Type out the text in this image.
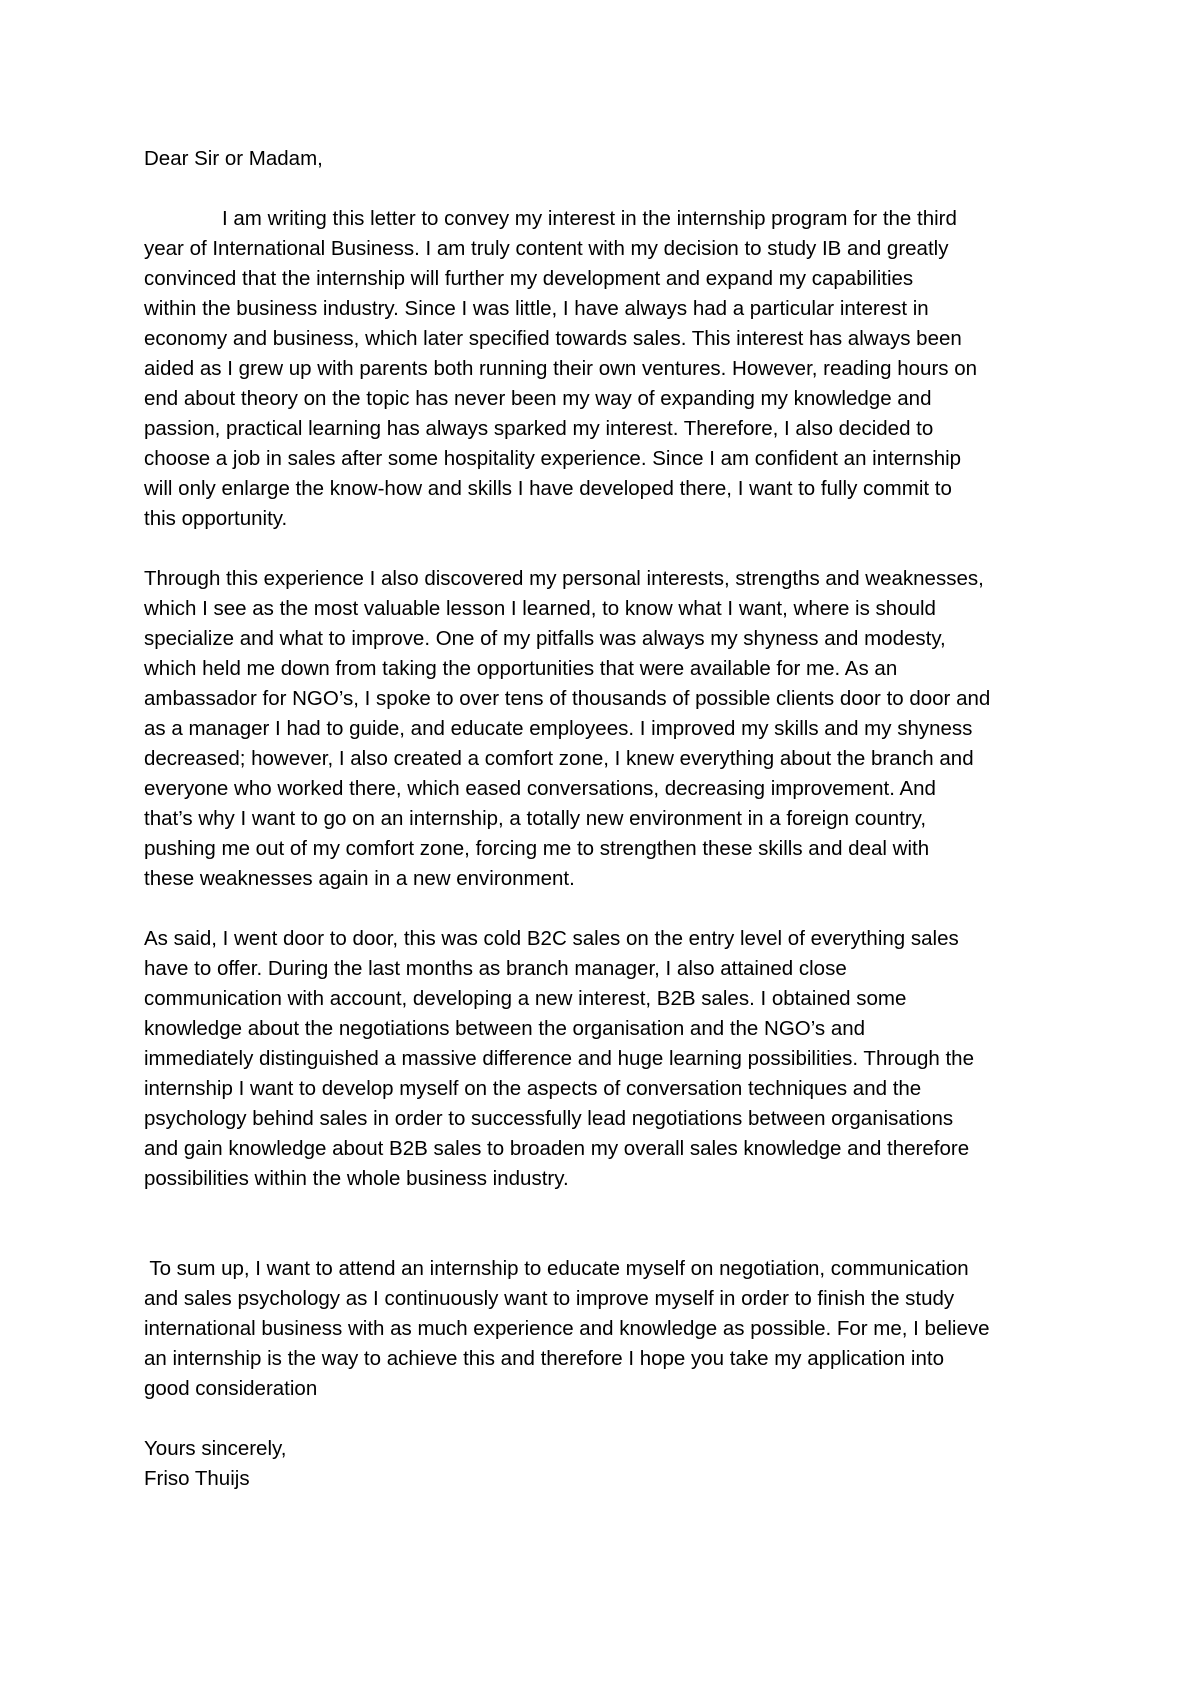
Dear Sir or Madam,
I am writing this letter to convey my interest in the internship program for the third
year of International Business. I am truly content with my decision to study IB and greatly
convinced that the internship will further my development and expand my capabilities
within the business industry. Since I was little, I have always had a particular interest in
economy and business, which later specified towards sales. This interest has always been
aided as I grew up with parents both running their own ventures. However, reading hours on
end about theory on the topic has never been my way of expanding my knowledge and
passion, practical learning has always sparked my interest. Therefore, I also decided to
choose a job in sales after some hospitality experience. Since I am confident an internship
will only enlarge the know-how and skills I have developed there, I want to fully commit to
this opportunity.
Through this experience I also discovered my personal interests, strengths and weaknesses,
which I see as the most valuable lesson I learned, to know what I want, where is should
specialize and what to improve. One of my pitfalls was always my shyness and modesty,
which held me down from taking the opportunities that were available for me. As an
ambassador for NGO’s, I spoke to over tens of thousands of possible clients door to door and
as a manager I had to guide, and educate employees. I improved my skills and my shyness
decreased; however, I also created a comfort zone, I knew everything about the branch and
everyone who worked there, which eased conversations, decreasing improvement. And
that’s why I want to go on an internship, a totally new environment in a foreign country,
pushing me out of my comfort zone, forcing me to strengthen these skills and deal with
these weaknesses again in a new environment.
As said, I went door to door, this was cold B2C sales on the entry level of everything sales
have to offer. During the last months as branch manager, I also attained close
communication with account, developing a new interest, B2B sales. I obtained some
knowledge about the negotiations between the organisation and the NGO’s and
immediately distinguished a massive difference and huge learning possibilities. Through the
internship I want to develop myself on the aspects of conversation techniques and the
psychology behind sales in order to successfully lead negotiations between organisations
and gain knowledge about B2B sales to broaden my overall sales knowledge and therefore
possibilities within the whole business industry.
To sum up, I want to attend an internship to educate myself on negotiation, communication
and sales psychology as I continuously want to improve myself in order to finish the study
international business with as much experience and knowledge as possible. For me, I believe
an internship is the way to achieve this and therefore I hope you take my application into
good consideration
Yours sincerely,
Friso Thuijs
